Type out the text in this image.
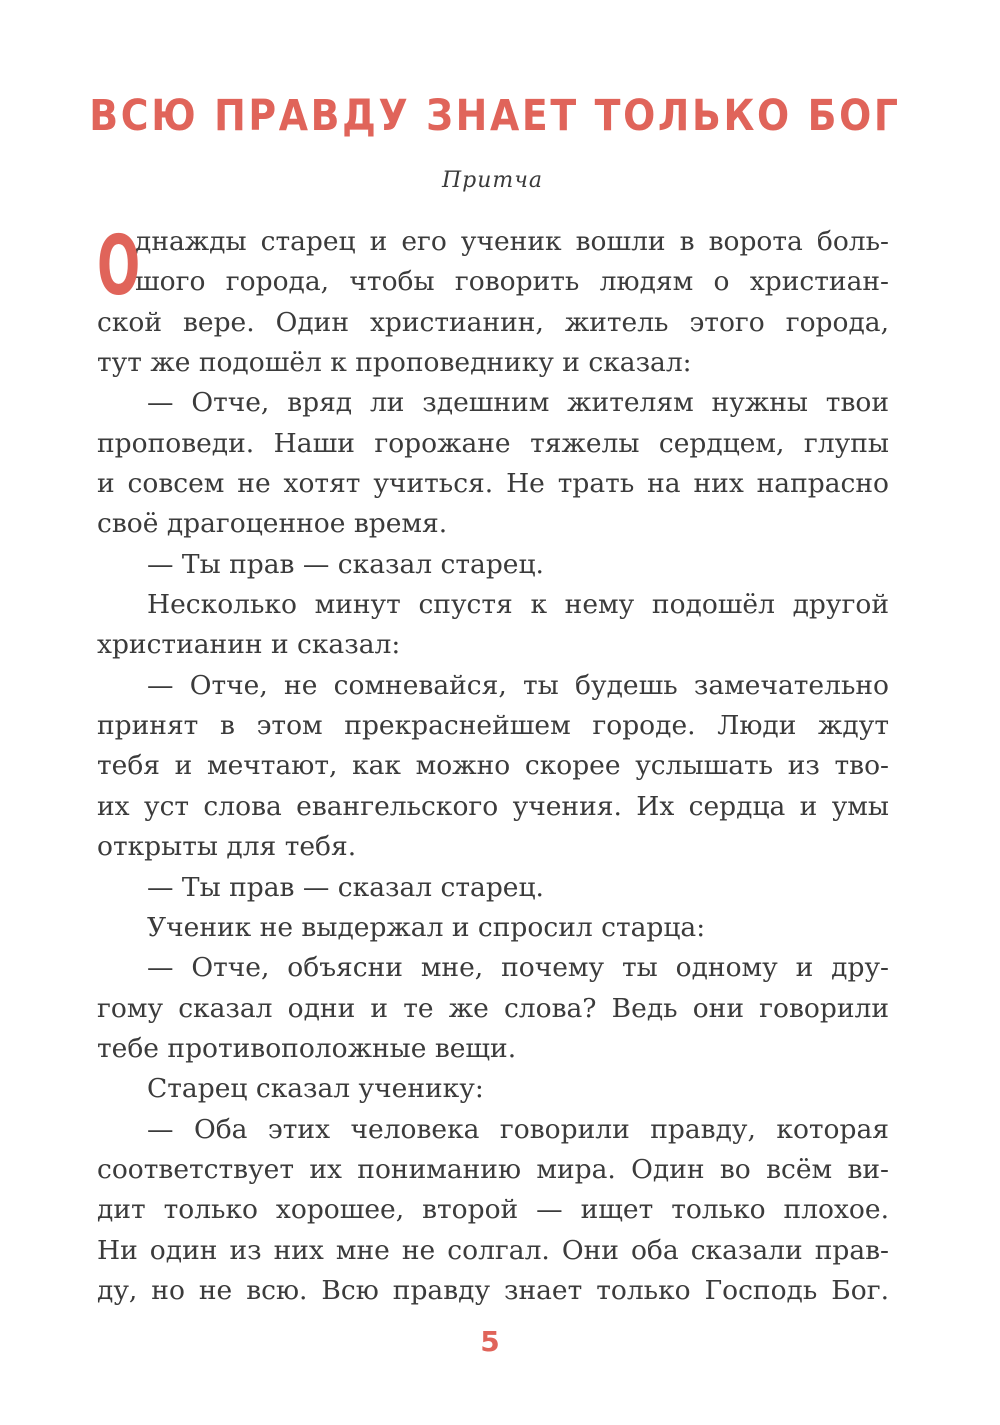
ВСЮ ПРАВДУ ЗНАЕТ ТОЛЬКО БОГ
Притча
О
днажды старец и его ученик вошли в ворота боль-
шого города, чтобы говорить людям о христиан-
ской вере. Один христианин, житель этого города,
тут же подошёл к проповеднику и сказал:
— Отче, вряд ли здешним жителям нужны твои
проповеди. Наши горожане тяжелы сердцем, глупы
и совсем не хотят учиться. Не трать на них напрасно
своё драгоценное время.
— Ты прав — сказал старец.
Несколько минут спустя к нему подошёл другой
христианин и сказал:
— Отче, не сомневайся, ты будешь замечательно
принят в этом прекраснейшем городе. Люди ждут
тебя и мечтают, как можно скорее услышать из тво-
их уст слова евангельского учения. Их сердца и умы
открыты для тебя.
— Ты прав — сказал старец.
Ученик не выдержал и спросил старца:
— Отче, объясни мне, почему ты одному и дру-
гому сказал одни и те же слова? Ведь они говорили
тебе противоположные вещи.
Старец сказал ученику:
— Оба этих человека говорили правду, которая
соответствует их пониманию мира. Один во всём ви-
дит только хорошее, второй — ищет только плохое.
Ни один из них мне не солгал. Они оба сказали прав-
ду, но не всю. Всю правду знает только Господь Бог.
5
